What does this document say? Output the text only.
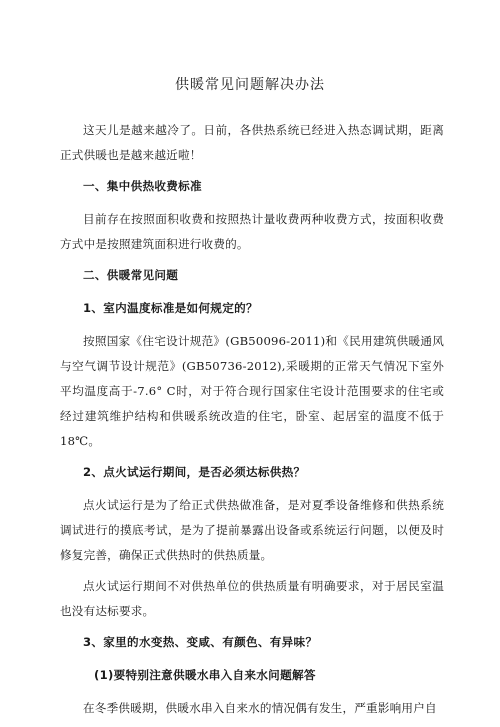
供暖常见问题解决办法

这天儿是越来越冷了。日前，各供热系统已经进入热态调试期，距离正式供暖也是越来越近啦！

一、集中供热收费标准

目前存在按照面积收费和按照热计量收费两种收费方式，按面积收费方式中是按照建筑面积进行收费的。

二、供暖常见问题

1、室内温度标准是如何规定的？

按照国家《住宅设计规范》(GB50096-2011)和《民用建筑供暖通风与空气调节设计规范》(GB50736-2012),采暖期的正常天气情况下室外平均温度高于-7.6° C时，对于符合现行国家住宅设计范围要求的住宅或经过建筑维护结构和供暖系统改造的住宅，卧室、起居室的温度不低于18℃。

2、点火试运行期间，是否必须达标供热？

点火试运行是为了给正式供热做准备，是对夏季设备维修和供热系统调试进行的摸底考试，是为了提前暴露出设备或系统运行问题，以便及时修复完善，确保正式供热时的供热质量。

点火试运行期间不对供热单位的供热质量有明确要求，对于居民室温也没有达标要求。

3、家里的水变热、变咸、有颜色、有异味？

(1)要特别注意供暖水串入自来水问题解答

在冬季供暖期，供暖水串入自来水的情况偶有发生，严重影响用户自
